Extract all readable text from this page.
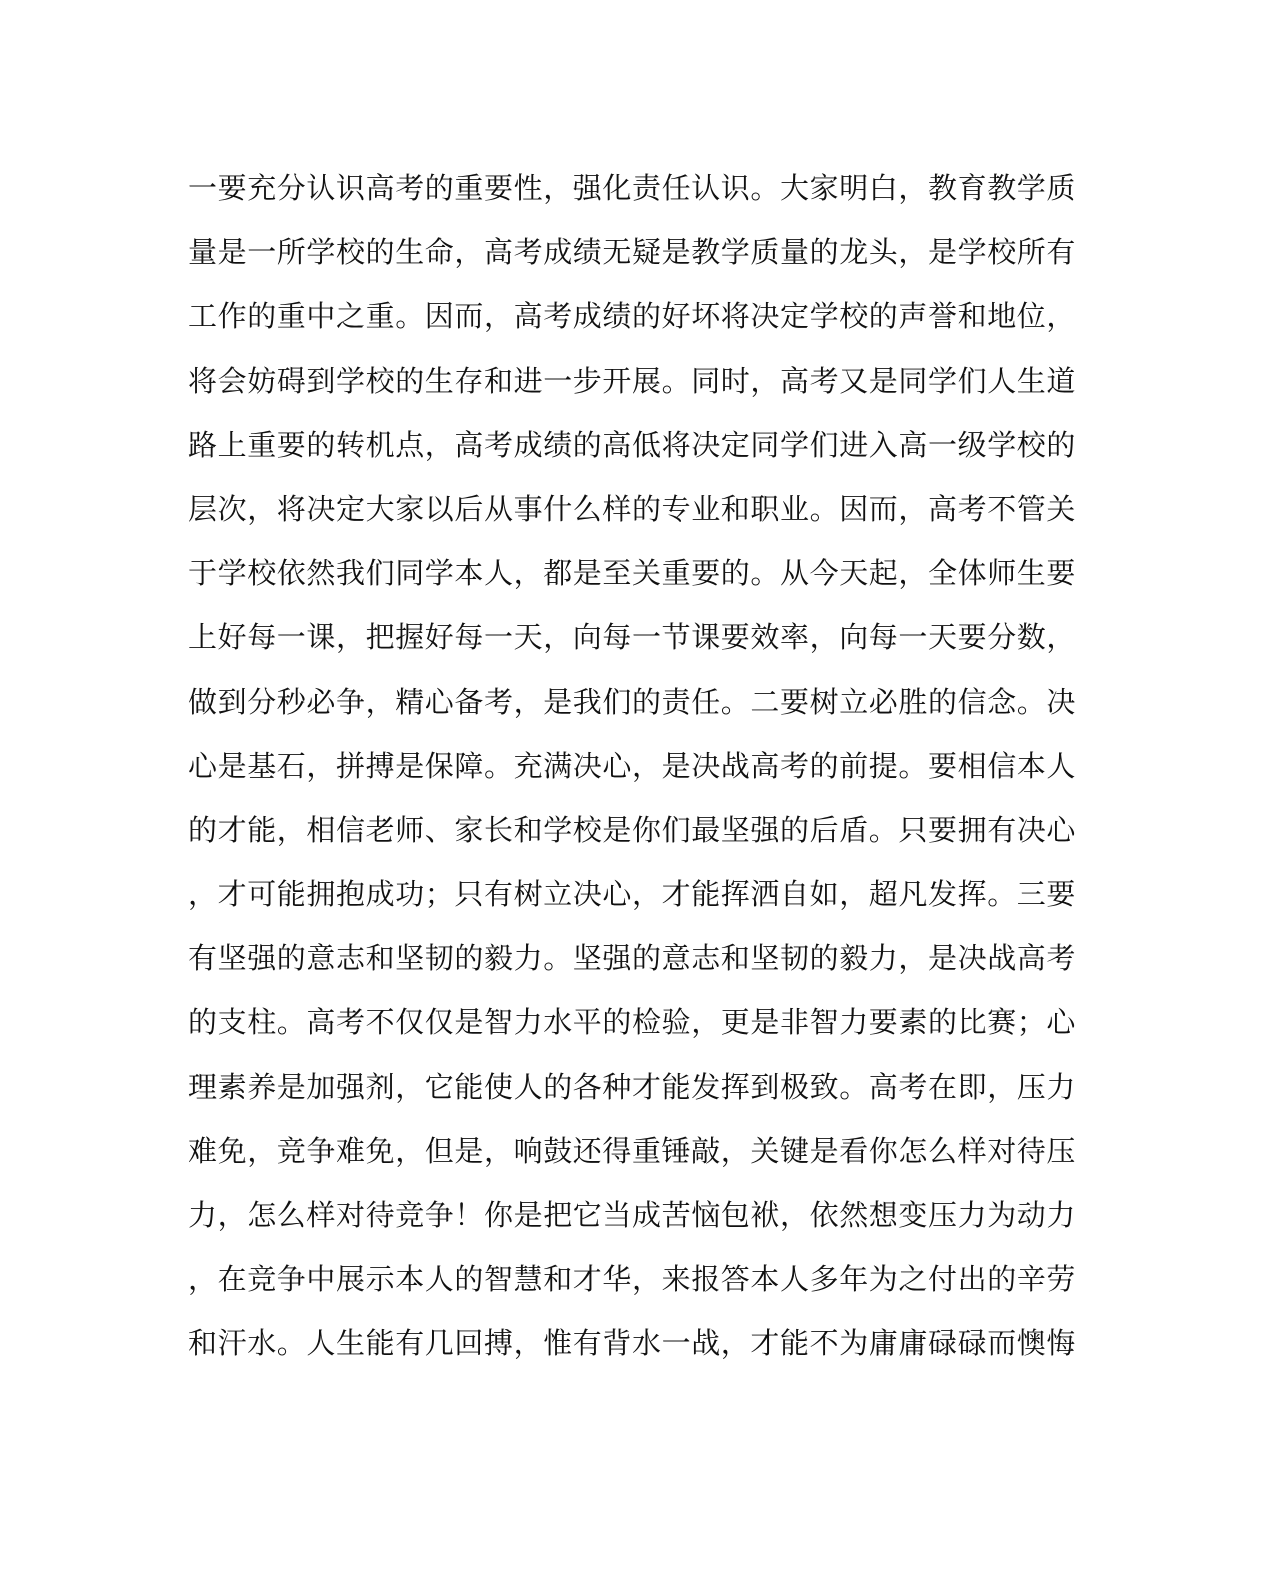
一要充分认识高考的重要性，强化责任认识。大家明白，教育教学质
量是一所学校的生命，高考成绩无疑是教学质量的龙头，是学校所有
工作的重中之重。因而，高考成绩的好坏将决定学校的声誉和地位，
将会妨碍到学校的生存和进一步开展。同时，高考又是同学们人生道
路上重要的转机点，高考成绩的高低将决定同学们进入高一级学校的
层次，将决定大家以后从事什么样的专业和职业。因而，高考不管关
于学校依然我们同学本人，都是至关重要的。从今天起，全体师生要
上好每一课，把握好每一天，向每一节课要效率，向每一天要分数，
做到分秒必争，精心备考，是我们的责任。二要树立必胜的信念。决
心是基石，拼搏是保障。充满决心，是决战高考的前提。要相信本人
的才能，相信老师、家长和学校是你们最坚强的后盾。只要拥有决心
，才可能拥抱成功；只有树立决心，才能挥洒自如，超凡发挥。三要
有坚强的意志和坚韧的毅力。坚强的意志和坚韧的毅力，是决战高考
的支柱。高考不仅仅是智力水平的检验，更是非智力要素的比赛；心
理素养是加强剂，它能使人的各种才能发挥到极致。高考在即，压力
难免，竞争难免，但是，响鼓还得重锤敲，关键是看你怎么样对待压
力，怎么样对待竞争！你是把它当成苦恼包袱，依然想变压力为动力
，在竞争中展示本人的智慧和才华，来报答本人多年为之付出的辛劳
和汗水。人生能有几回搏，惟有背水一战，才能不为庸庸碌碌而懊悔
